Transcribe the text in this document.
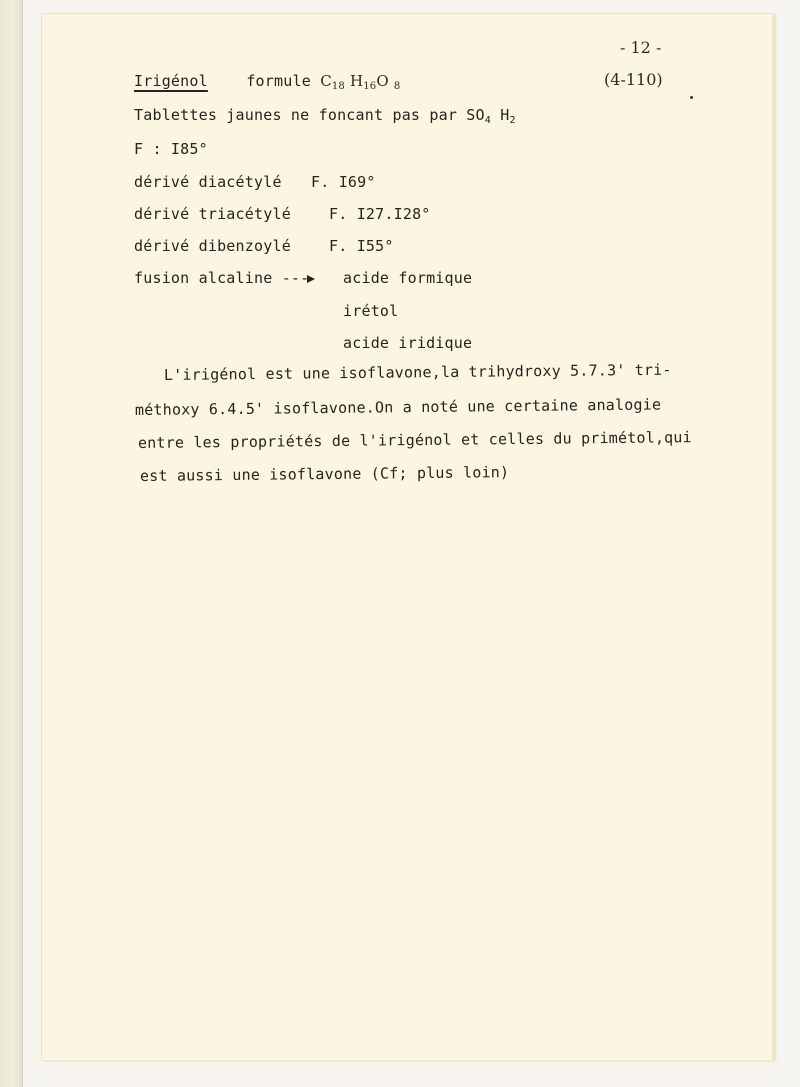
- 12 -
(4-110)
Irigénol	formule $C_{18}$ $H_{16}O$ $_8$
Tablettes jaunes ne foncant pas par $SO_4$ $H_2$
F : I85°
dérivé diacétylé F. I69°
dérivé triacétylé	F. I27.I28°
dérivé dibenzoylé	F. I55°
fusion alcaline ---	acide formique
irétol
acide iridique
L'irigénol est une isoflavone,la trihydroxy 5.7.3' tri-
méthoxy 6.4.5' isoflavone.On a noté une certaine analogie
entre les propriétés de l'irigénol et celles du primétol,qui
est aussi une isoflavone (Cf; plus loin)
